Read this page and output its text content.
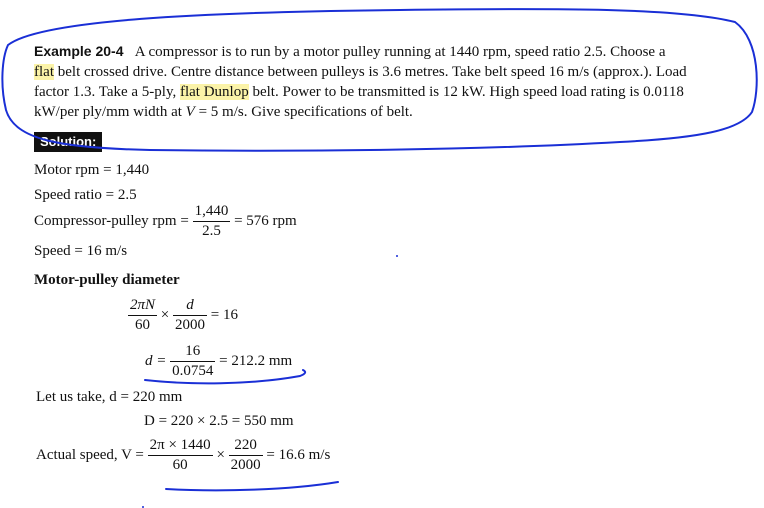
Example 20-4 A compressor is to run by a motor pulley running at 1440 rpm, speed ratio 2.5. Choose a
flat belt crossed drive. Centre distance between pulleys is 3.6 metres. Take belt speed 16 m/s (approx.). Load
factor 1.3. Take a 5-ply, flat Dunlop belt. Power to be transmitted is 12 kW. High speed load rating is 0.0118
kW/per ply/mm width at V = 5 m/s. Give specifications of belt.
Solution:
Motor rpm = 1,440
Speed ratio = 2.5
Compressor-pulley rpm = $\frac{1,440}{2.5} = 576$ rpm
Speed = 16 m/s
Motor-pulley diameter
$\frac{2\pi N}{60} \times \frac{d}{2000} = 16$
$d = \frac{16}{0.0754} = 212.2$ mm
Let us take, d = 220 mm
D = 220 × 2.5 = 550 mm
Actual speed, $V = \frac{2\pi \times 1440}{60} \times \frac{220}{2000} = 16.6$ m/s
